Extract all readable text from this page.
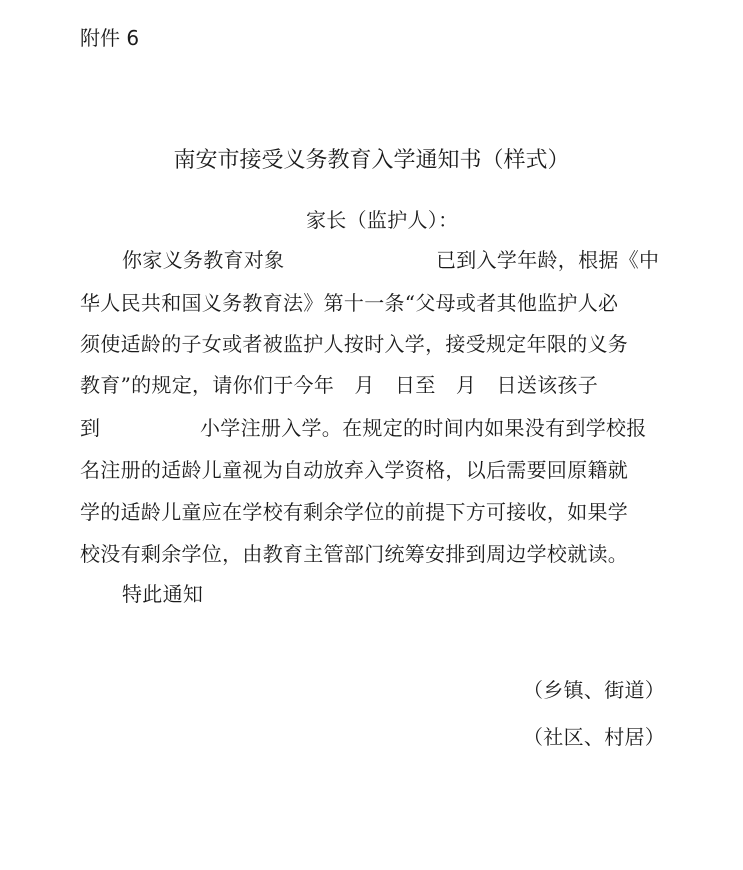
附件 6
南安市接受义务教育入学通知书（样式）
家长（监护人）：
你家义务教育对象	已到入学年龄，根据《中
华人民共和国义务教育法》第十一条“父母或者其他监护人必
须使适龄的子女或者被监护人按时入学，接受规定年限的义务
教育”的规定，请你们于今年　月　日至　月　日送该孩子
到	小学注册入学。在规定的时间内如果没有到学校报
名注册的适龄儿童视为自动放弃入学资格，以后需要回原籍就
学的适龄儿童应在学校有剩余学位的前提下方可接收，如果学
校没有剩余学位，由教育主管部门统筹安排到周边学校就读。
特此通知
（乡镇、街道）
（社区、村居）
